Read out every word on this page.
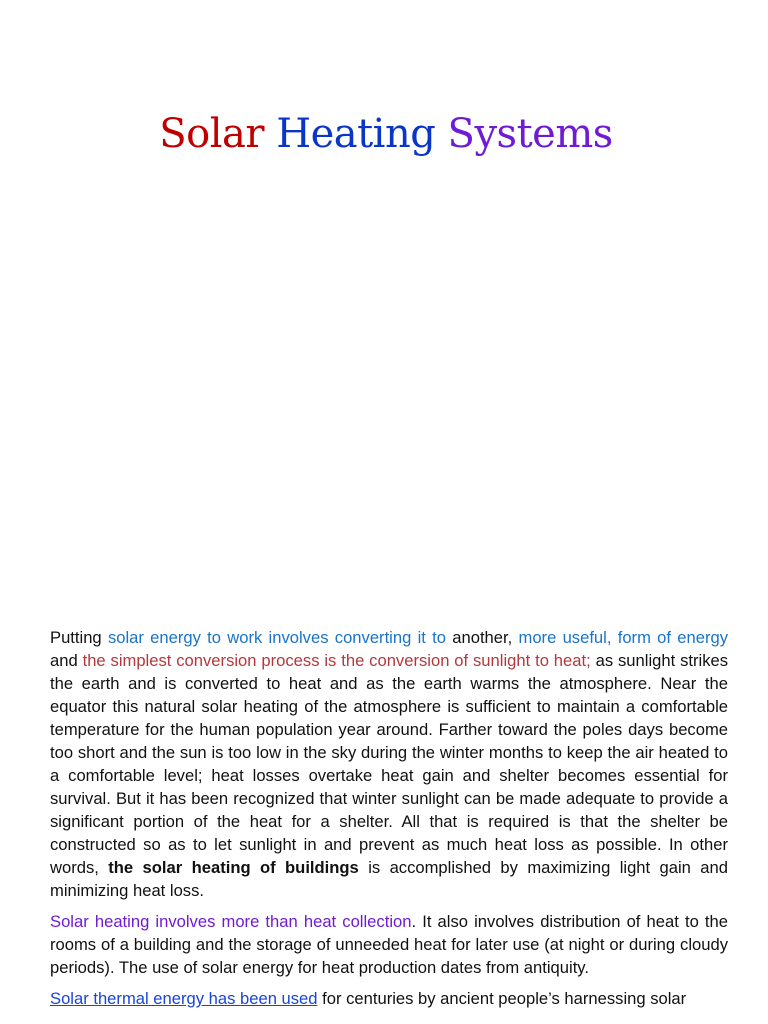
Solar Heating Systems

Putting solar energy to work involves converting it to another, more useful, form of energy and the simplest conversion process is the conversion of sunlight to heat; as sunlight strikes the earth and is converted to heat and as the earth warms the atmosphere. Near the equator this natural solar heating of the atmosphere is sufficient to maintain a comfortable temperature for the human population year around. Farther toward the poles days become too short and the sun is too low in the sky during the winter months to keep the air heated to a comfortable level; heat losses overtake heat gain and shelter becomes essential for survival. But it has been recognized that winter sunlight can be made adequate to provide a significant portion of the heat for a shelter. All that is required is that the shelter be constructed so as to let sunlight in and prevent as much heat loss as possible. In other words, the solar heating of buildings is accomplished by maximizing light gain and minimizing heat loss.

Solar heating involves more than heat collection. It also involves distribution of heat to the rooms of a building and the storage of unneeded heat for later use (at night or during cloudy periods). The use of solar energy for heat production dates from antiquity.

Solar thermal energy has been used for centuries by ancient people’s harnessing solar
